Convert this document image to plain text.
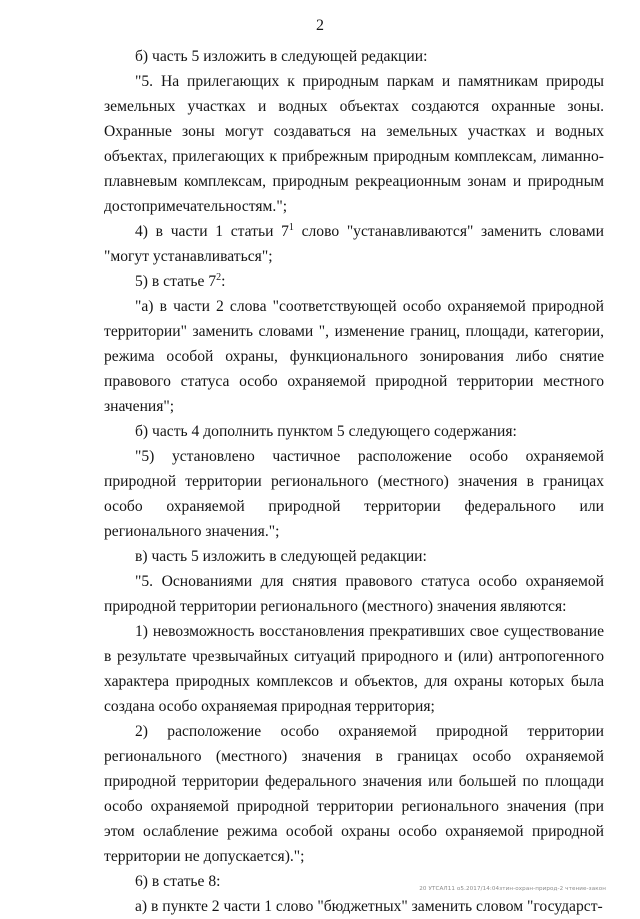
2

б) часть 5 изложить в следующей редакции:

"5. На прилегающих к природным паркам и памятникам природы земельных участках и водных объектах создаются охранные зоны. Охранные зоны могут создаваться на земельных участках и водных объектах, прилегающих к прибрежным природным комплексам, лиманно-плавневым комплексам, природным рекреационным зонам и природным достопримечательностям.";

4) в части 1 статьи $7^1$ слово "устанавливаются" заменить словами "могут устанавливаться";

5) в статье $7^2$:

"а) в части 2 слова "соответствующей особо охраняемой природной территории" заменить словами ", изменение границ, площади, категории, режима особой охраны, функционального зонирования либо снятие правового статуса особо охраняемой природной территории местного значения";

б) часть 4 дополнить пунктом 5 следующего содержания:

"5) установлено частичное расположение особо охраняемой природной территории регионального (местного) значения в границах особо охраняемой природной территории федерального или регионального значения.";

в) часть 5 изложить в следующей редакции:

"5. Основаниями для снятия правового статуса особо охраняемой природной территории регионального (местного) значения являются:

1) невозможность восстановления прекративших свое существование в результате чрезвычайных ситуаций природного и (или) антропогенного характера природных комплексов и объектов, для охраны которых была создана особо охраняемая природная территория;

2) расположение особо охраняемой природной территории регионального (местного) значения в границах особо охраняемой природной территории федерального значения или большей по площади особо охраняемой природной территории регионального значения (при этом ослабление режима особой охраны особо охраняемой природной территории не допускается).";

6) в статье 8:

а) в пункте 2 части 1 слово "бюджетных" заменить словом "государст-

20 УТСАЛ11 о5.2017/14:04зтин-охран-природ-2 чтение-закон
